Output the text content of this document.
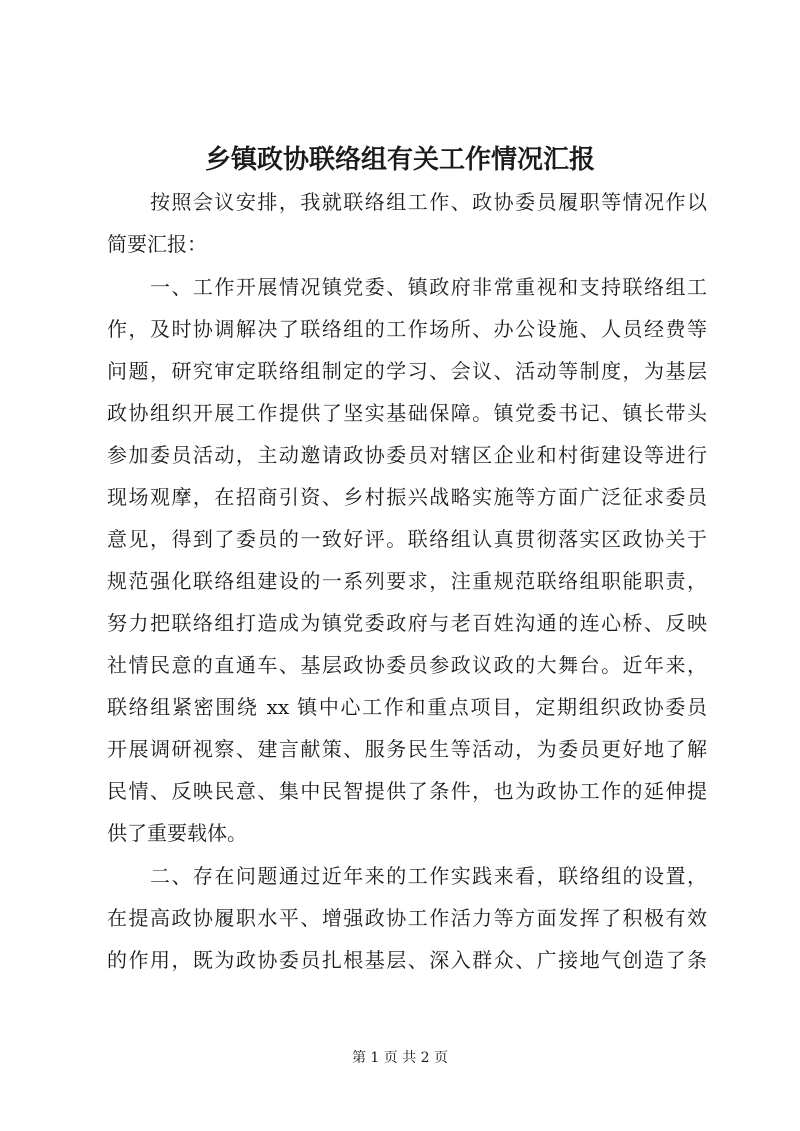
乡镇政协联络组有关工作情况汇报
　　按照会议安排，我就联络组工作、政协委员履职等情况作以
简要汇报：
　　一、工作开展情况镇党委、镇政府非常重视和支持联络组工
作，及时协调解决了联络组的工作场所、办公设施、人员经费等
问题，研究审定联络组制定的学习、会议、活动等制度，为基层
政协组织开展工作提供了坚实基础保障。镇党委书记、镇长带头
参加委员活动，主动邀请政协委员对辖区企业和村街建设等进行
现场观摩，在招商引资、乡村振兴战略实施等方面广泛征求委员
意见，得到了委员的一致好评。联络组认真贯彻落实区政协关于
规范强化联络组建设的一系列要求，注重规范联络组职能职责，
努力把联络组打造成为镇党委政府与老百姓沟通的连心桥、反映
社情民意的直通车、基层政协委员参政议政的大舞台。近年来，
联络组紧密围绕 xx 镇中心工作和重点项目，定期组织政协委员
开展调研视察、建言献策、服务民生等活动，为委员更好地了解
民情、反映民意、集中民智提供了条件，也为政协工作的延伸提
供了重要载体。
　　二、存在问题通过近年来的工作实践来看，联络组的设置，
在提高政协履职水平、增强政协工作活力等方面发挥了积极有效
的作用，既为政协委员扎根基层、深入群众、广接地气创造了条
第 1 页 共 2 页
